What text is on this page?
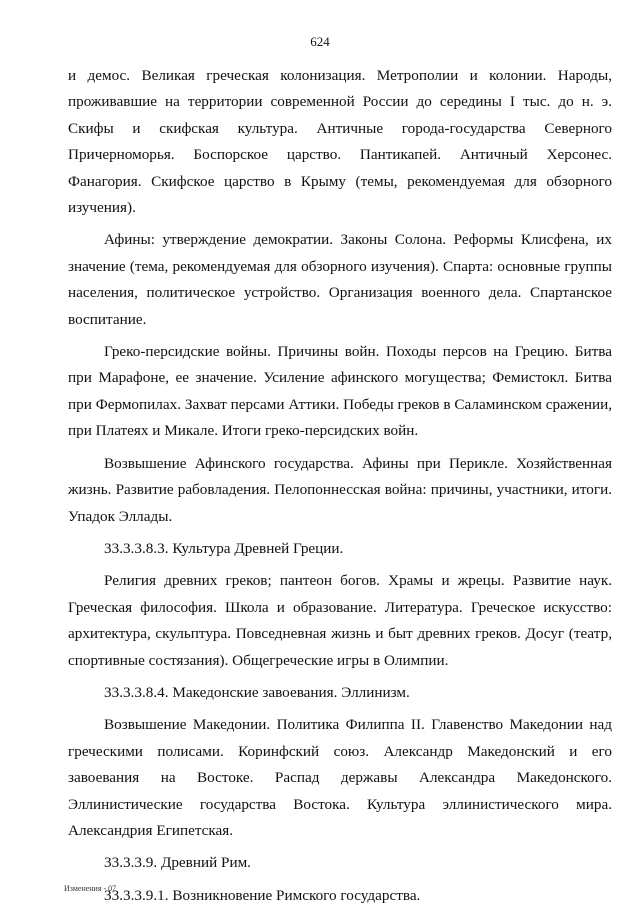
624

и демос. Великая греческая колонизация. Метрополии и колонии. Народы, проживавшие на территории современной России до середины I тыс. до н. э. Скифы и скифская культура. Античные города-государства Северного Причерноморья. Боспорское царство. Пантикапей. Античный Херсонес. Фанагория. Скифское царство в Крыму (темы, рекомендуемая для обзорного изучения).

Афины: утверждение демократии. Законы Солона. Реформы Клисфена, их значение (тема, рекомендуемая для обзорного изучения). Спарта: основные группы населения, политическое устройство. Организация военного дела. Спартанское воспитание.

Греко-персидские войны. Причины войн. Походы персов на Грецию. Битва при Марафоне, ее значение. Усиление афинского могущества; Фемистокл. Битва при Фермопилах. Захват персами Аттики. Победы греков в Саламинском сражении, при Платеях и Микале. Итоги греко-персидских войн.

Возвышение Афинского государства. Афины при Перикле. Хозяйственная жизнь. Развитие рабовладения. Пелопоннесская война: причины, участники, итоги. Упадок Эллады.

33.3.3.8.3. Культура Древней Греции.

Религия древних греков; пантеон богов. Храмы и жрецы. Развитие наук. Греческая философия. Школа и образование. Литература. Греческое искусство: архитектура, скульптура. Повседневная жизнь и быт древних греков. Досуг (театр, спортивные состязания). Общегреческие игры в Олимпии.

33.3.3.8.4. Македонские завоевания. Эллинизм.

Возвышение Македонии. Политика Филиппа II. Главенство Македонии над греческими полисами. Коринфский союз. Александр Македонский и его завоевания на Востоке. Распад державы Александра Македонского. Эллинистические государства Востока. Культура эллинистического мира. Александрия Египетская.

33.3.3.9. Древний Рим.

33.3.3.9.1. Возникновение Римского государства.

Изменения - 07
